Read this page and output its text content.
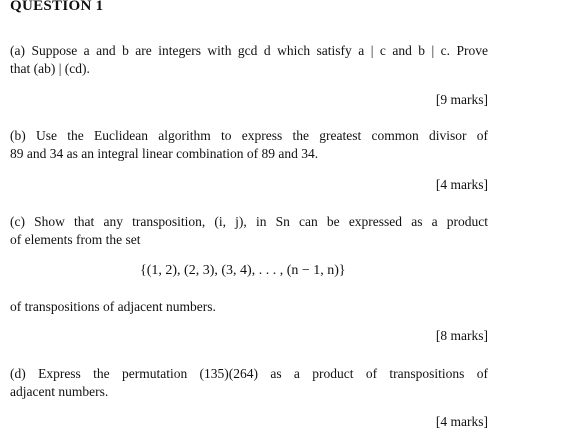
QUESTION 1
(a) Suppose a and b are integers with gcd d which satisfy a | c and b | c. Prove
that (ab) | (cd).
[9 marks]
(b) Use the Euclidean algorithm to express the greatest common divisor of
89 and 34 as an integral linear combination of 89 and 34.
[4 marks]
(c) Show that any transposition, (i, j), in Sn can be expressed as a product
of elements from the set
{(1, 2), (2, 3), (3, 4), . . . , (n − 1, n)}
of transpositions of adjacent numbers.
[8 marks]
(d) Express the permutation (135)(264) as a product of transpositions of
adjacent numbers.
[4 marks]
